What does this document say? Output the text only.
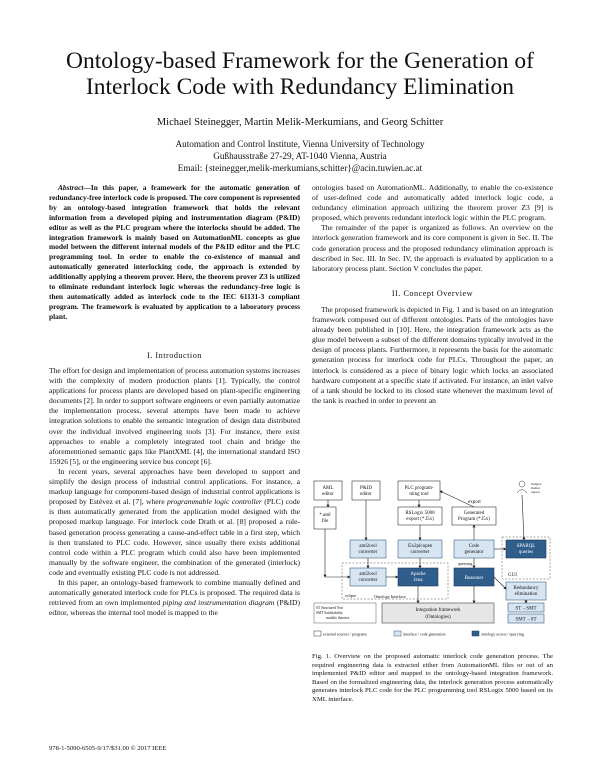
Ontology-based Framework for the Generation of
Interlock Code with Redundancy Elimination
Michael Steinegger, Martin Melik-Merkumians, and Georg Schitter
Automation and Control Institute, Vienna University of Technology
Gußhausstraße 27-29, AT-1040 Vienna, Austria
Email: {steinegger,melik-merkumians,schitter}@acin.tuwien.ac.at

Abstract—In this paper, a framework for the automatic generation of redundancy-free interlock code is proposed. The core component is represented by an ontology-based integration framework that holds the relevant information from a developed piping and instrumentation diagram (P&ID) editor as well as the PLC program where the interlocks should be added. The integration framework is mainly based on AutomationML concepts as glue model between the different internal models of the P&ID editor and the PLC programming tool. In order to enable the co-existence of manual and automatically generated interlocking code, the approach is extended by additionally applying a theorem prover. Here, the theorem prover Z3 is utilized to eliminate redundant interlock logic whereas the redundancy-free logic is then automatically added as interlock code to the IEC 61131-3 compliant program. The framework is evaluated by application to a laboratory process plant.

I. Introduction

The effort for design and implementation of process automation systems increases with the complexity of modern production plants [1]. Typically, the control applications for process plants are developed based on plant-specific engineering documents [2]. In order to support software engineers or even partially automatize the implementation process, several attempts have been made to achieve integration solutions to enable the semantic integration of design data distributed over the individual involved engineering tools [3]. For instance, there exist approaches to enable a completely integrated tool chain and bridge the aforementioned semantic gaps like PlantXML [4], the international standard ISO 15926 [5], or the engineering service bus concept [6].

In recent years, several approaches have been developed to support and simplify the design process of industrial control applications. For instance, a markup language for component-based design of industrial control applications is proposed by Estévez et al. [7], where programmable logic controller (PLC) code is then automatically generated from the application model designed with the proposed markup language. For interlock code Drath et al. [8] proposed a rule-based generation process generating a cause-and-effect table in a first step, which is then translated to PLC code. However, since usually there exists additional control code within a PLC program which could also have been implemented manually by the software engineer, the combination of the generated (interlock) code and eventually existing PLC code is not addressed.

In this paper, an ontology-based framework to combine manually defined and automatically generated interlock code for PLCs is proposed. The required data is retrieved from an own implemented piping and instrumentation diagram (P&ID) editor, whereas the internal tool model is mapped to the

ontologies based on AutomationML. Additionally, to enable the co-existence of user-defined code and automatically added interlock logic code, a redundancy elimination approach utilizing the theorem prover Z3 [9] is proposed, which prevents redundant interlock logic within the PLC program.

The remainder of the paper is organized as follows. An overview on the interlock generation framework and its core component is given in Sec. II. The code generation process and the proposed redundancy elimination approach is described in Sec. III. In Sec. IV, the approach is evaluated by application to a laboratory process plant. Section V concludes the paper.

II. Concept Overview

The proposed framework is depicted in Fig. 1 and is based on an integration framework composed out of different ontologies. Parts of the ontologies have already been published in [10]. Here, the integration framework acts as the glue model between a subset of the different domains typically involved in the design of process plants. Furthermore, it represents the basis for the automatic generation process for interlock code for PLCs. Throughout the paper, an interlock is considered as a piece of binary logic which locks an associated hardware component at a specific state if activated. For instance, an inlet valve of a tank should be locked to its closed state whenever the maximum level of the tank is reached in order to prevent an

AML
editor
P&ID
editor
PLC program-
ming tool
Subject
matter
expert
*.aml
file
RSLogix 5000
export (*.l5x)
Generated
Program (*.l5x)
export
GUI
aml2owl
converter
l5x2plcopen
converter
Code
generator
SPARQL
queries
eclipse
aml2owl
converter
Apache
Jena
Ontology Interface
Reasoner
querying
Redundancy
elimination
ST→SMT
SMT→ST
ST Structured Text
SMT Satisfiability
modulo theories
Integration framework
(Ontologies)
external sources / programs	interface / code generation	ontology access / querying
Fig. 1. Overview on the proposed automatic interlock code generation process. The required engineering data is extracted either from AutomationML files or out of an implemented P&ID editor and mapped to the ontology-based integration framework. Based on the formalized engineering data, the interlock generation process automatically generates interlock PLC code for the PLC programming tool RSLogix 5000 based on its XML interface.
978-1-5090-6505-9/17/$31.00 © 2017 IEEE
